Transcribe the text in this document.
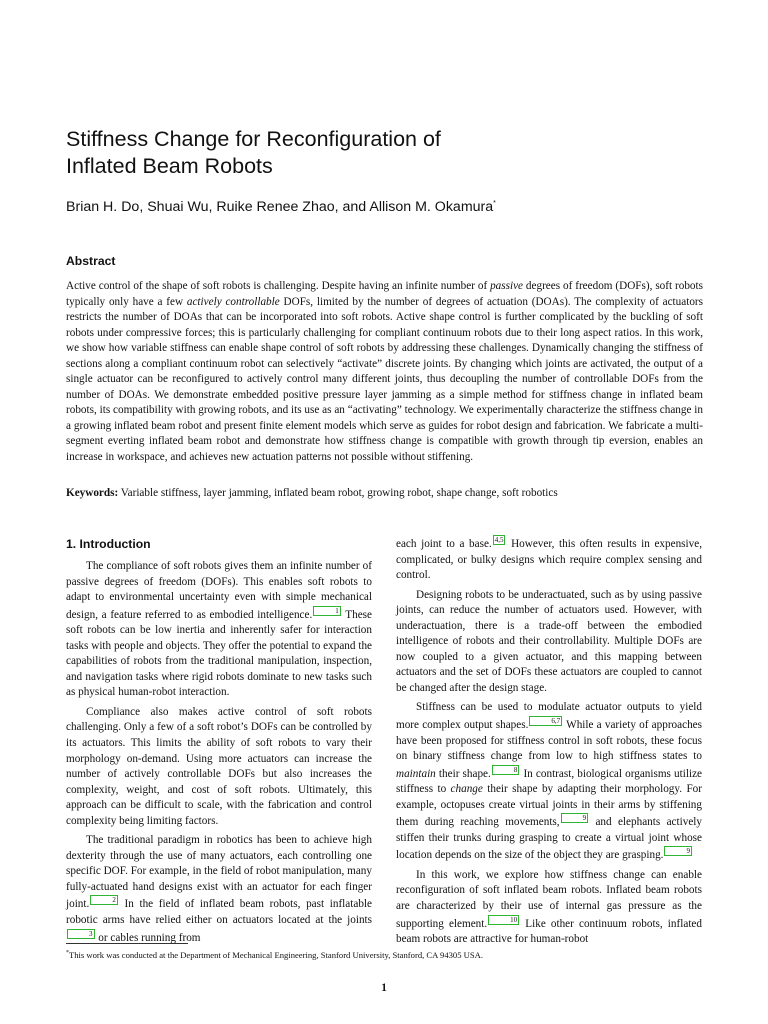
Stiffness Change for Reconfiguration of
Inflated Beam Robots

Brian H. Do, Shuai Wu, Ruike Renee Zhao, and Allison M. Okamura*

Abstract

Active control of the shape of soft robots is challenging. Despite having an infinite number of passive degrees of freedom (DOFs), soft robots typically only have a few actively controllable DOFs, limited by the number of degrees of actuation (DOAs). The complexity of actuators restricts the number of DOAs that can be incorporated into soft robots. Active shape control is further complicated by the buckling of soft robots under compressive forces; this is particularly challenging for compliant continuum robots due to their long aspect ratios. In this work, we show how variable stiffness can enable shape control of soft robots by addressing these challenges. Dynamically changing the stiffness of sections along a compliant continuum robot can selectively “activate” discrete joints. By changing which joints are activated, the output of a single actuator can be reconfigured to actively control many different joints, thus decoupling the number of controllable DOFs from the number of DOAs. We demonstrate embedded positive pressure layer jamming as a simple method for stiffness change in inflated beam robots, its compatibility with growing robots, and its use as an “activating” technology. We experimentally characterize the stiffness change in a growing inflated beam robot and present finite element models which serve as guides for robot design and fabrication. We fabricate a multi-segment everting inflated beam robot and demonstrate how stiffness change is compatible with growth through tip eversion, enables an increase in workspace, and achieves new actuation patterns not possible without stiffening.

Keywords: Variable stiffness, layer jamming, inflated beam robot, growing robot, shape change, soft robotics

1. Introduction

The compliance of soft robots gives them an infinite number of passive degrees of freedom (DOFs). This enables soft robots to adapt to environmental uncertainty even with simple mechanical design, a feature referred to as embodied intelligence.	1 These soft robots can be low inertia and inherently safer for interaction tasks with people and objects. They offer the potential to expand the capabilities of robots from the traditional manipulation, inspection, and navigation tasks where rigid robots dominate to new tasks such as physical human-robot interaction.

Compliance also makes active control of soft robots challenging. Only a few of a soft robot’s DOFs can be controlled by its actuators. This limits the ability of soft robots to vary their morphology on-demand. Using more actuators can increase the number of actively controllable DOFs but also increases the complexity, weight, and cost of soft robots. Ultimately, this approach can be difficult to scale, with the fabrication and control complexity being limiting factors.

The traditional paradigm in robotics has been to achieve high dexterity through the use of many actuators, each controlling one specific DOF. For example, in the field of robot manipulation, many fully-actuated hand designs exist with an actuator for each finger joint.	2 In the field of inflated beam robots, past inflatable robotic arms have relied either on actuators located at the joints3 or cables running from

each joint to a base. 4,5 However, this often results in expensive, complicated, or bulky designs which require complex sensing and control.

Designing robots to be underactuated, such as by using passive joints, can reduce the number of actuators used. However, with underactuation, there is a trade-off between the embodied intelligence of robots and their controllability. Multiple DOFs are now coupled to a given actuator, and this mapping between actuators and the set of DOFs these actuators are coupled to cannot be changed after the design stage.

Stiffness can be used to modulate actuator outputs to yield more complex output shapes.	6,7 While a variety of approaches have been proposed for stiffness control in soft robots, these focus on binary stiffness change from low to high stiffness states to maintain their shape.	8 In contrast, biological organisms utilize stiffness to change their shape by adapting their morphology. For example, octopuses create virtual joints in their arms by stiffening them during reaching movements,	9 and elephants actively stiffen their trunks during grasping to create a virtual joint whose location depends on the size of the object they are grasping.	9

In this work, we explore how stiffness change can enable reconfiguration of soft inflated beam robots. Inflated beam robots are characterized by their use of internal gas pressure as the supporting element.	10 Like other continuum robots, inflated beam robots are attractive for human-robot

*This work was conducted at the Department of Mechanical Engineering, Stanford University, Stanford, CA 94305 USA.

1
